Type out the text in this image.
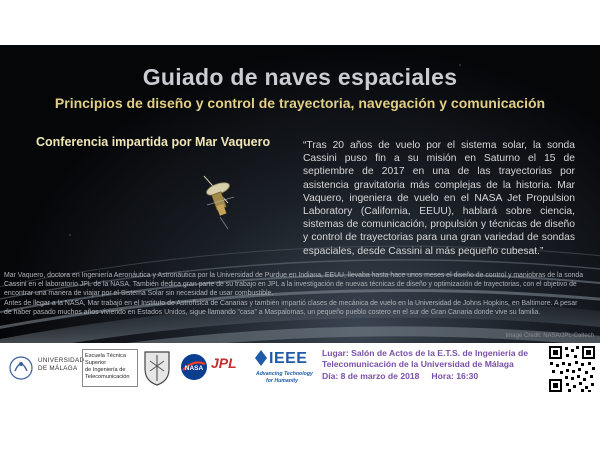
Guiado de naves espaciales
Principios de diseño y control de trayectoria, navegación y comunicación
Conferencia impartida por Mar Vaquero	“Tras 20 años de vuelo por el sistema solar, la sonda Cassini puso fin a su misión en Saturno el 15 de septiembre de 2017 en una de las trayectorias por asistencia gravitatoria más complejas de la historia. Mar Vaquero, ingeniera de vuelo en el NASA Jet Propulsion Laboratory (California, EEUU), hablará sobre ciencia, sistemas de comunicación, propulsión y técnicas de diseño y control de trayectorias para una gran variedad de sondas espaciales, desde Cassini al más pequeño cubesat.”
Mar Vaquero, doctora en Ingeniería Aeronáutica y Astronáutica por la Universidad de Purdue en Indiana, EEUU, llevaba hasta hace unos meses el diseño de control y maniobras de la sonda
Cassini en el laboratorio JPL de la NASA. También dedica gran parte de su trabajo en JPL a la investigación de nuevas técnicas de diseño y optimización de trayectorias, con el objetivo de
encontrar una manera de viajar por el Sistema Solar sin necesidad de usar combustible.
Antes de llegar a la NASA, Mar trabajó en el Instituto de Astrofísica de Canarias y también impartió clases de mecánica de vuelo en la Universidad de Johns Hopkins, en Baltimore. A pesar
de haber pasado muchos años viviendo en Estados Unidos, sigue llamando “casa” a Maspalomas, un pequeño pueblo costero en el sur de Gran Canaria donde vive su familia.
Image Credit: NASA/JPL-Caltech
UNIVERSIDAD
DE MÁLAGA
Escuela Técnica Superior
de Ingeniería de
Telecomunicación
NASA JPL IEEE
Advancing Technology
for Humanity
Lugar: Salón de Actos de la E.T.S. de Ingeniería de
Telecomunicación de la Universidad de Málaga
Día: 8 de marzo de 2018 Hora: 16:30
